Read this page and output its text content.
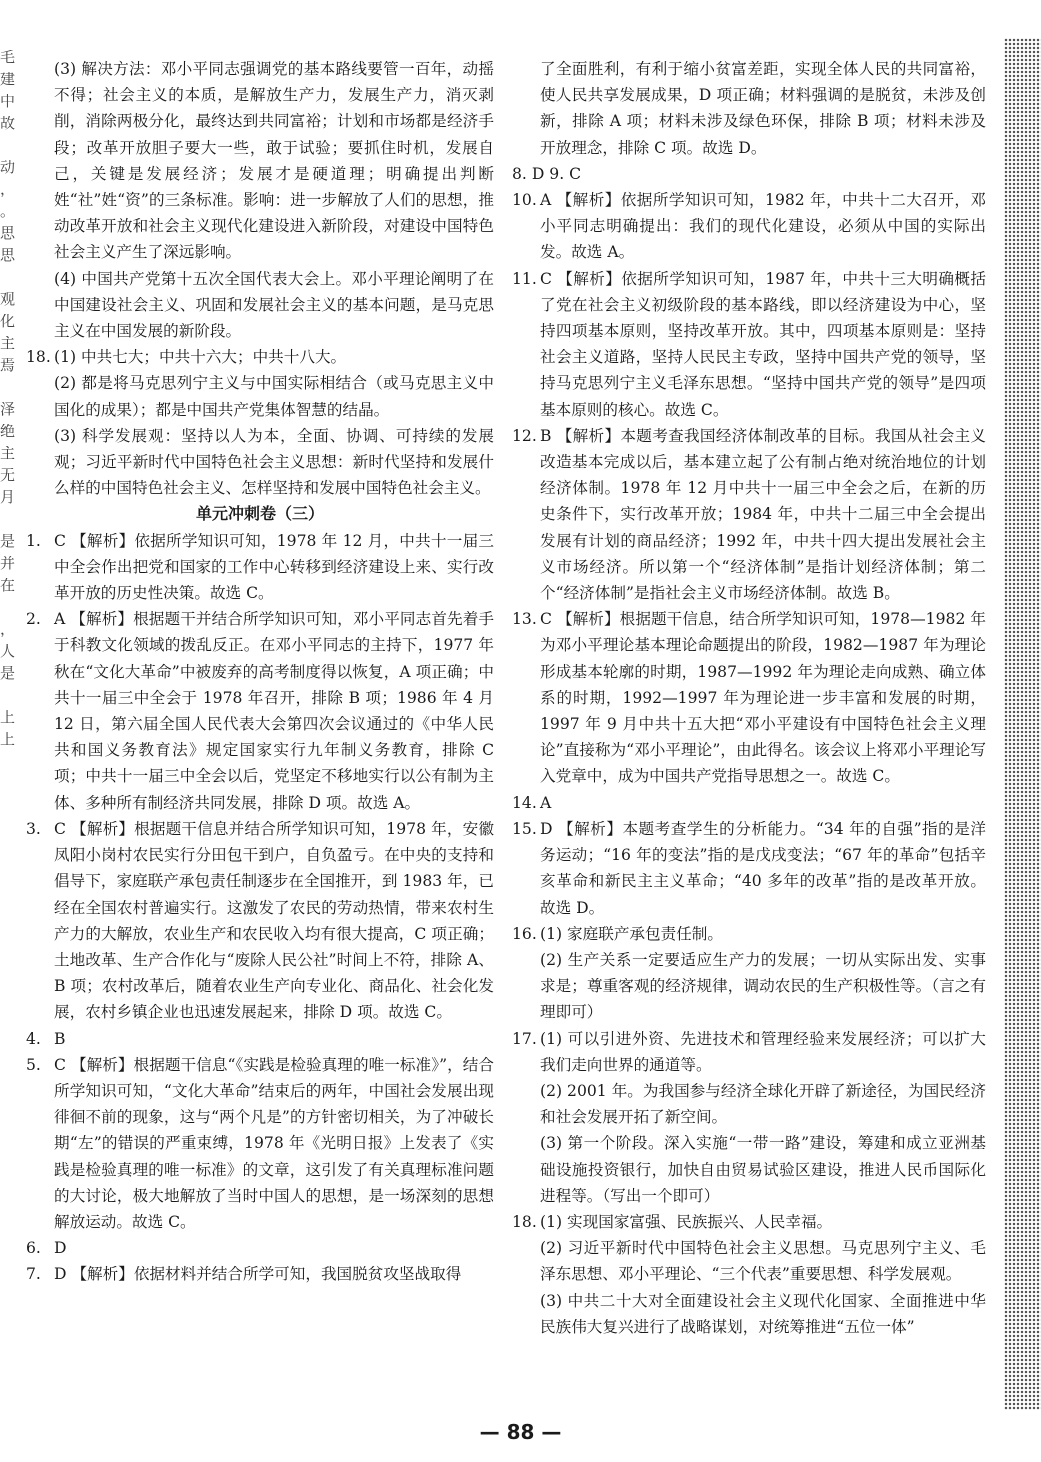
毛
建
中
故
动
，
。
思
思
观
化
主
焉
泽
绝
主
无
月
是
并
在
，
人
是
上
上

(3) 解决方法：邓小平同志强调党的基本路线要管一百年，动摇不得；社会主义的本质，是解放生产力，发展生产力，消灭剥削，消除两极分化，最终达到共同富裕；计划和市场都是经济手段；改革开放胆子要大一些，敢于试验；要抓住时机，发展自己，关键是发展经济；发展才是硬道理；明确提出判断姓“社”姓“资”的三条标准。影响：进一步解放了人们的思想，推动改革开放和社会主义现代化建设进入新阶段，对建设中国特色社会主义产生了深远影响。

(4) 中国共产党第十五次全国代表大会上。邓小平理论阐明了在中国建设社会主义、巩固和发展社会主义的基本问题，是马克思主义在中国发展的新阶段。

18. (1) 中共七大；中共十六大；中共十八大。

(2) 都是将马克思列宁主义与中国实际相结合（或马克思主义中国化的成果）；都是中国共产党集体智慧的结晶。

(3) 科学发展观：坚持以人为本，全面、协调、可持续的发展观；习近平新时代中国特色社会主义思想：新时代坚持和发展什么样的中国特色社会主义、怎样坚持和发展中国特色社会主义。

单元冲刺卷（三）

1. C 【解析】依据所学知识可知，1978 年 12 月，中共十一届三中全会作出把党和国家的工作中心转移到经济建设上来、实行改革开放的历史性决策。故选 C。
2. A 【解析】根据题干并结合所学知识可知，邓小平同志首先着手于科教文化领域的拨乱反正。在邓小平同志的主持下，1977 年秋在“文化大革命”中被废弃的高考制度得以恢复，A 项正确；中共十一届三中全会于 1978 年召开，排除 B 项；1986 年 4 月 12 日，第六届全国人民代表大会第四次会议通过的《中华人民共和国义务教育法》规定国家实行九年制义务教育，排除 C 项；中共十一届三中全会以后，党坚定不移地实行以公有制为主体、多种所有制经济共同发展，排除 D 项。故选 A。
3. C 【解析】根据题干信息并结合所学知识可知，1978 年，安徽凤阳小岗村农民实行分田包干到户，自负盈亏。在中央的支持和倡导下，家庭联产承包责任制逐步在全国推开，到 1983 年，已经在全国农村普遍实行。这激发了农民的劳动热情，带来农村生产力的大解放，农业生产和农民收入均有很大提高，C 项正确；土地改革、生产合作化与“废除人民公社”时间上不符，排除 A、B 项；农村改革后，随着农业生产向专业化、商品化、社会化发展，农村乡镇企业也迅速发展起来，排除 D 项。故选 C。
4. B
5. C 【解析】根据题干信息“《实践是检验真理的唯一标准》”，结合所学知识可知，“文化大革命”结束后的两年，中国社会发展出现徘徊不前的现象，这与“两个凡是”的方针密切相关，为了冲破长期“左”的错误的严重束缚，1978 年《光明日报》上发表了《实践是检验真理的唯一标准》的文章，这引发了有关真理标准问题的大讨论，极大地解放了当时中国人的思想，是一场深刻的思想解放运动。故选 C。
6. D
7. D 【解析】依据材料并结合所学可知，我国脱贫攻坚战取得

了全面胜利，有利于缩小贫富差距，实现全体人民的共同富裕，使人民共享发展成果，D 项正确；材料强调的是脱贫，未涉及创新，排除 A 项；材料未涉及绿色环保，排除 B 项；材料未涉及开放理念，排除 C 项。故选 D。

8. D 9. C

10. A 【解析】依据所学知识可知，1982 年，中共十二大召开，邓小平同志明确提出：我们的现代化建设，必须从中国的实际出发。故选 A。
11. C 【解析】依据所学知识可知，1987 年，中共十三大明确概括了党在社会主义初级阶段的基本路线，即以经济建设为中心，坚持四项基本原则，坚持改革开放。其中，四项基本原则是：坚持社会主义道路，坚持人民民主专政，坚持中国共产党的领导，坚持马克思列宁主义毛泽东思想。“坚持中国共产党的领导”是四项基本原则的核心。故选 C。
12. B 【解析】本题考查我国经济体制改革的目标。我国从社会主义改造基本完成以后，基本建立起了公有制占绝对统治地位的计划经济体制。1978 年 12 月中共十一届三中全会之后，在新的历史条件下，实行改革开放；1984 年，中共十二届三中全会提出发展有计划的商品经济；1992 年，中共十四大提出发展社会主义市场经济。所以第一个“经济体制”是指计划经济体制；第二个“经济体制”是指社会主义市场经济体制。故选 B。
13. C 【解析】根据题干信息，结合所学知识可知，1978—1982 年为邓小平理论基本理论命题提出的阶段，1982—1987 年为理论形成基本轮廓的时期，1987—1992 年为理论走向成熟、确立体系的时期，1992—1997 年为理论进一步丰富和发展的时期，1997 年 9 月中共十五大把“邓小平建设有中国特色社会主义理论”直接称为“邓小平理论”，由此得名。该会议上将邓小平理论写入党章中，成为中国共产党指导思想之一。故选 C。
14. A
15. D 【解析】本题考查学生的分析能力。“34 年的自强”指的是洋务运动；“16 年的变法”指的是戊戌变法；“67 年的革命”包括辛亥革命和新民主主义革命；“40 多年的改革”指的是改革开放。故选 D。
16. (1) 家庭联产承包责任制。

(2) 生产关系一定要适应生产力的发展；一切从实际出发、实事求是；尊重客观的经济规律，调动农民的生产积极性等。（言之有理即可）

17. (1) 可以引进外资、先进技术和管理经验来发展经济；可以扩大我们走向世界的通道等。

(2) 2001 年。为我国参与经济全球化开辟了新途径，为国民经济和社会发展开拓了新空间。

(3) 第一个阶段。深入实施“一带一路”建设，筹建和成立亚洲基础设施投资银行，加快自由贸易试验区建设，推进人民币国际化进程等。（写出一个即可）

18. (1) 实现国家富强、民族振兴、人民幸福。

(2) 习近平新时代中国特色社会主义思想。马克思列宁主义、毛泽东思想、邓小平理论、“三个代表”重要思想、科学发展观。

(3) 中共二十大对全面建设社会主义现代化国家、全面推进中华民族伟大复兴进行了战略谋划，对统筹推进“五位一体”

— 88 —
